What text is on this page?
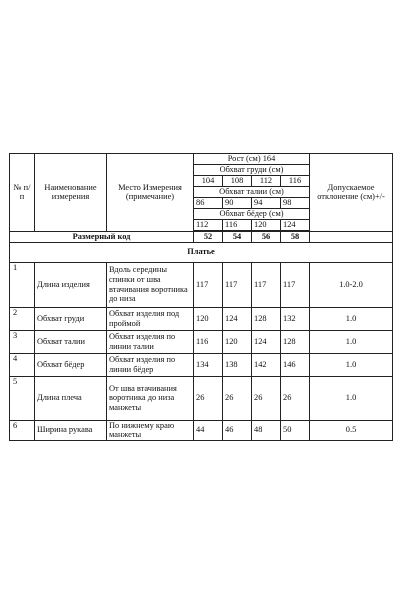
№ п/п	Наименование измерения	Место Измерения (примечание)	Рост (см) 164				Допускаемое отклонение (см)+/-
			Обхват груди (см)				
			104	108	112	116	
			Обхват талии (см)				
			86	90	94	98	
			Обхват бёдер (см)				
			112	116	120	124	

Размерный код			52	54	56	58	
Платье							
1	Длина изделия	Вдоль середины спинки от шва втачивания воротника до низа	117	117	117	117	1.0-2.0
2	Обхват груди	Обхват изделия под проймой	120	124	128	132	1.0
3	Обхват талии	Обхват изделия по линии талии	116	120	124	128	1.0
4	Обхват бёдер	Обхват изделия по линии бёдер	134	138	142	146	1.0
5	Длина плеча	От шва втачивания воротника до низа манжеты	26	26	26	26	1.0
6	Ширина рукава	По нижнему краю манжеты	44	46	48	50	0.5
